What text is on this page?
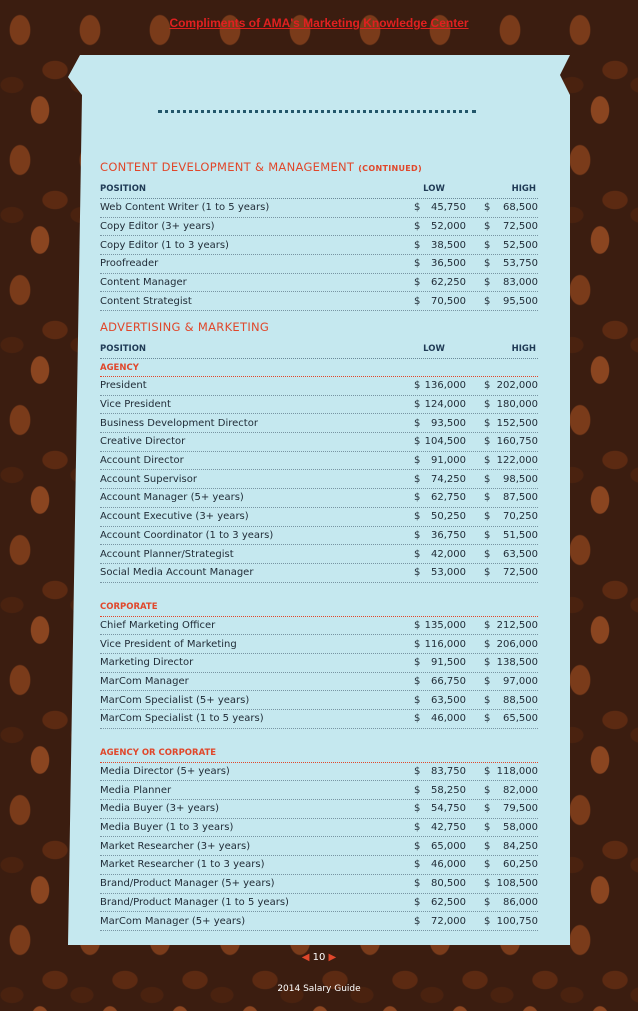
Compliments of AMA's Marketing Knowledge Center
CONTENT DEVELOPMENT & MANAGEMENT (CONTINUED)
POSITION	LOW	HIGH
Web Content Writer (1 to 5 years)	$ 45,750 $ 68,500
Copy Editor (3+ years)	$ 52,000 $ 72,500
Copy Editor (1 to 3 years)	$ 38,500 $ 52,500
Proofreader	$ 36,500 $ 53,750
Content Manager	$ 62,250 $ 83,000
Content Strategist	$ 70,500 $ 95,500
ADVERTISING & MARKETING
POSITION	LOW	HIGH
AGENCY
President	$ 136,000 $ 202,000
Vice President	$ 124,000 $ 180,000
Business Development Director	$ 93,500 $ 152,500
Creative Director	$ 104,500 $ 160,750
Account Director	$ 91,000 $ 122,000
Account Supervisor	$ 74,250 $ 98,500
Account Manager (5+ years)	$ 62,750 $ 87,500
Account Executive (3+ years)	$ 50,250 $ 70,250
Account Coordinator (1 to 3 years)	$ 36,750 $ 51,500
Account Planner/Strategist	$ 42,000 $ 63,500
Social Media Account Manager	$ 53,000 $ 72,500
CORPORATE
Chief Marketing Officer	$ 135,000 $ 212,500
Vice President of Marketing	$ 116,000 $ 206,000
Marketing Director	$ 91,500 $ 138,500
MarCom Manager	$ 66,750 $ 97,000
MarCom Specialist (5+ years)	$ 63,500 $ 88,500
MarCom Specialist (1 to 5 years)	$ 46,000 $ 65,500
AGENCY OR CORPORATE
Media Director (5+ years)	$ 83,750 $ 118,000
Media Planner	$ 58,250 $ 82,000
Media Buyer (3+ years)	$ 54,750 $ 79,500
Media Buyer (1 to 3 years)	$ 42,750 $ 58,000
Market Researcher (3+ years)	$ 65,000 $ 84,250
Market Researcher (1 to 3 years)	$ 46,000 $ 60,250
Brand/Product Manager (5+ years)	$ 80,500 $ 108,500
Brand/Product Manager (1 to 5 years)	$ 62,500 $ 86,000
MarCom Manager (5+ years)	$ 72,000 $ 100,750
◀ 10 ▶
2014 Salary Guide
